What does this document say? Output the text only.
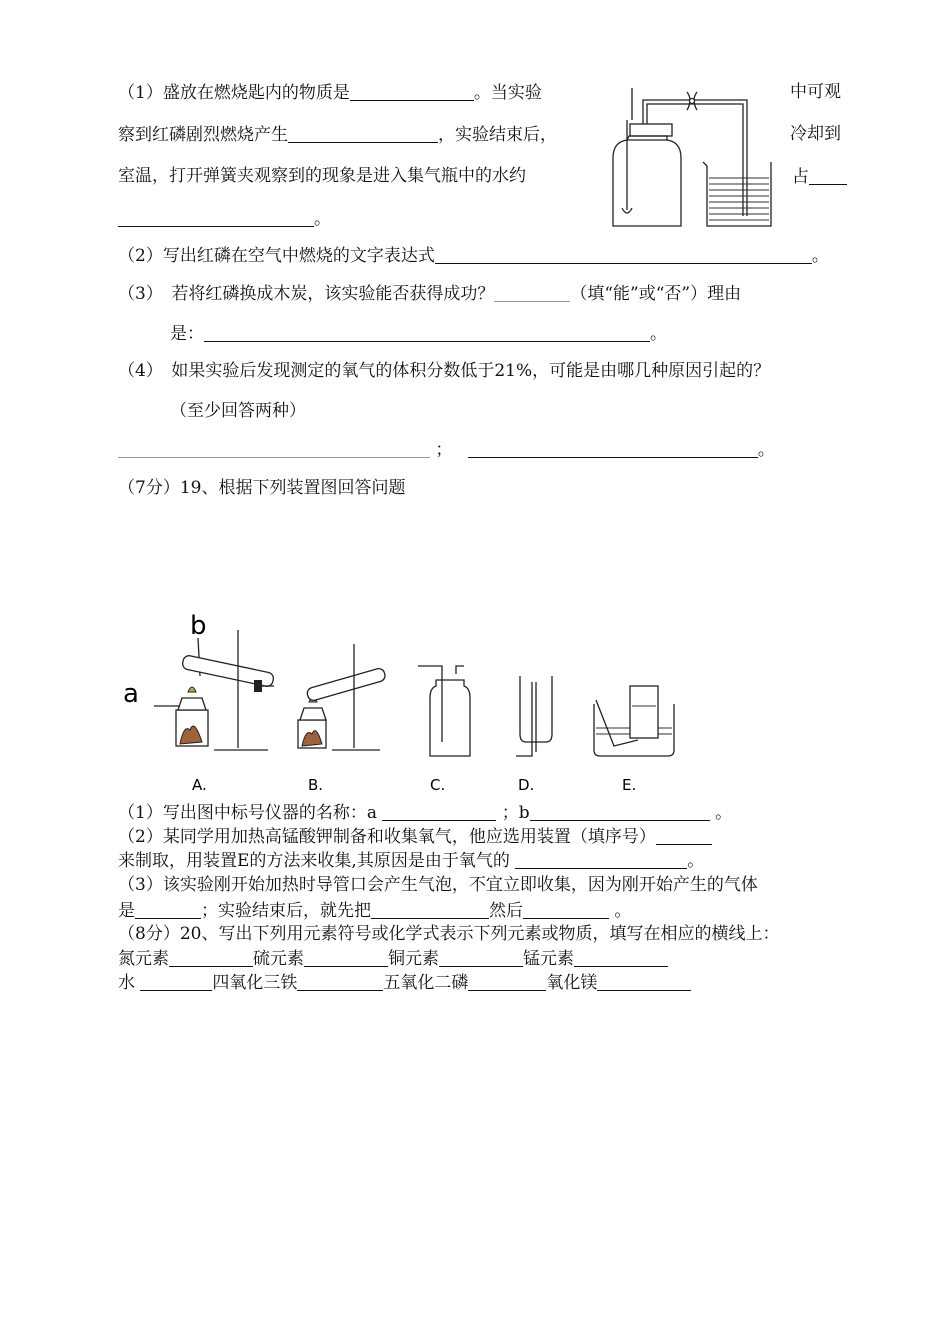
（1）盛放在燃烧匙内的物质是	。当实验	中可观
察到红磷剧烈燃烧产生	，实验结束后，	冷却到
室温，打开弹簧夹观察到的现象是进入集气瓶中的水约	占
。
（2）写出红磷在空气中燃烧的文字表达式	。
（3）　若将红磷换成木炭，该实验能否获得成功？	（填“能”或“否”）理由
是：	。
（4）　如果实验后发现测定的氧气的体积分数低于21%，可能是由哪几种原因引起的？
（至少回答两种）
；	。
（7分）19、根据下列装置图回答问题
b
a
A.	B.	C.	D.	E.
（1）写出图中标号仪器的名称：a	；b	。
（2）某同学用加热高锰酸钾制备和收集氧气，他应选用装置（填序号）
来制取，用装置E的方法来收集,其原因是由于氧气的	。
（3）该实验刚开始加热时导管口会产生气泡，不宜立即收集，因为刚开始产生的气体
是	；实验结束后，就先把	然后	。
（8分）20、写出下列用元素符号或化学式表示下列元素或物质，填写在相应的横线上：
氮元素	硫元素	铜元素	锰元素
水	四氧化三铁	五氧化二磷	氧化镁
